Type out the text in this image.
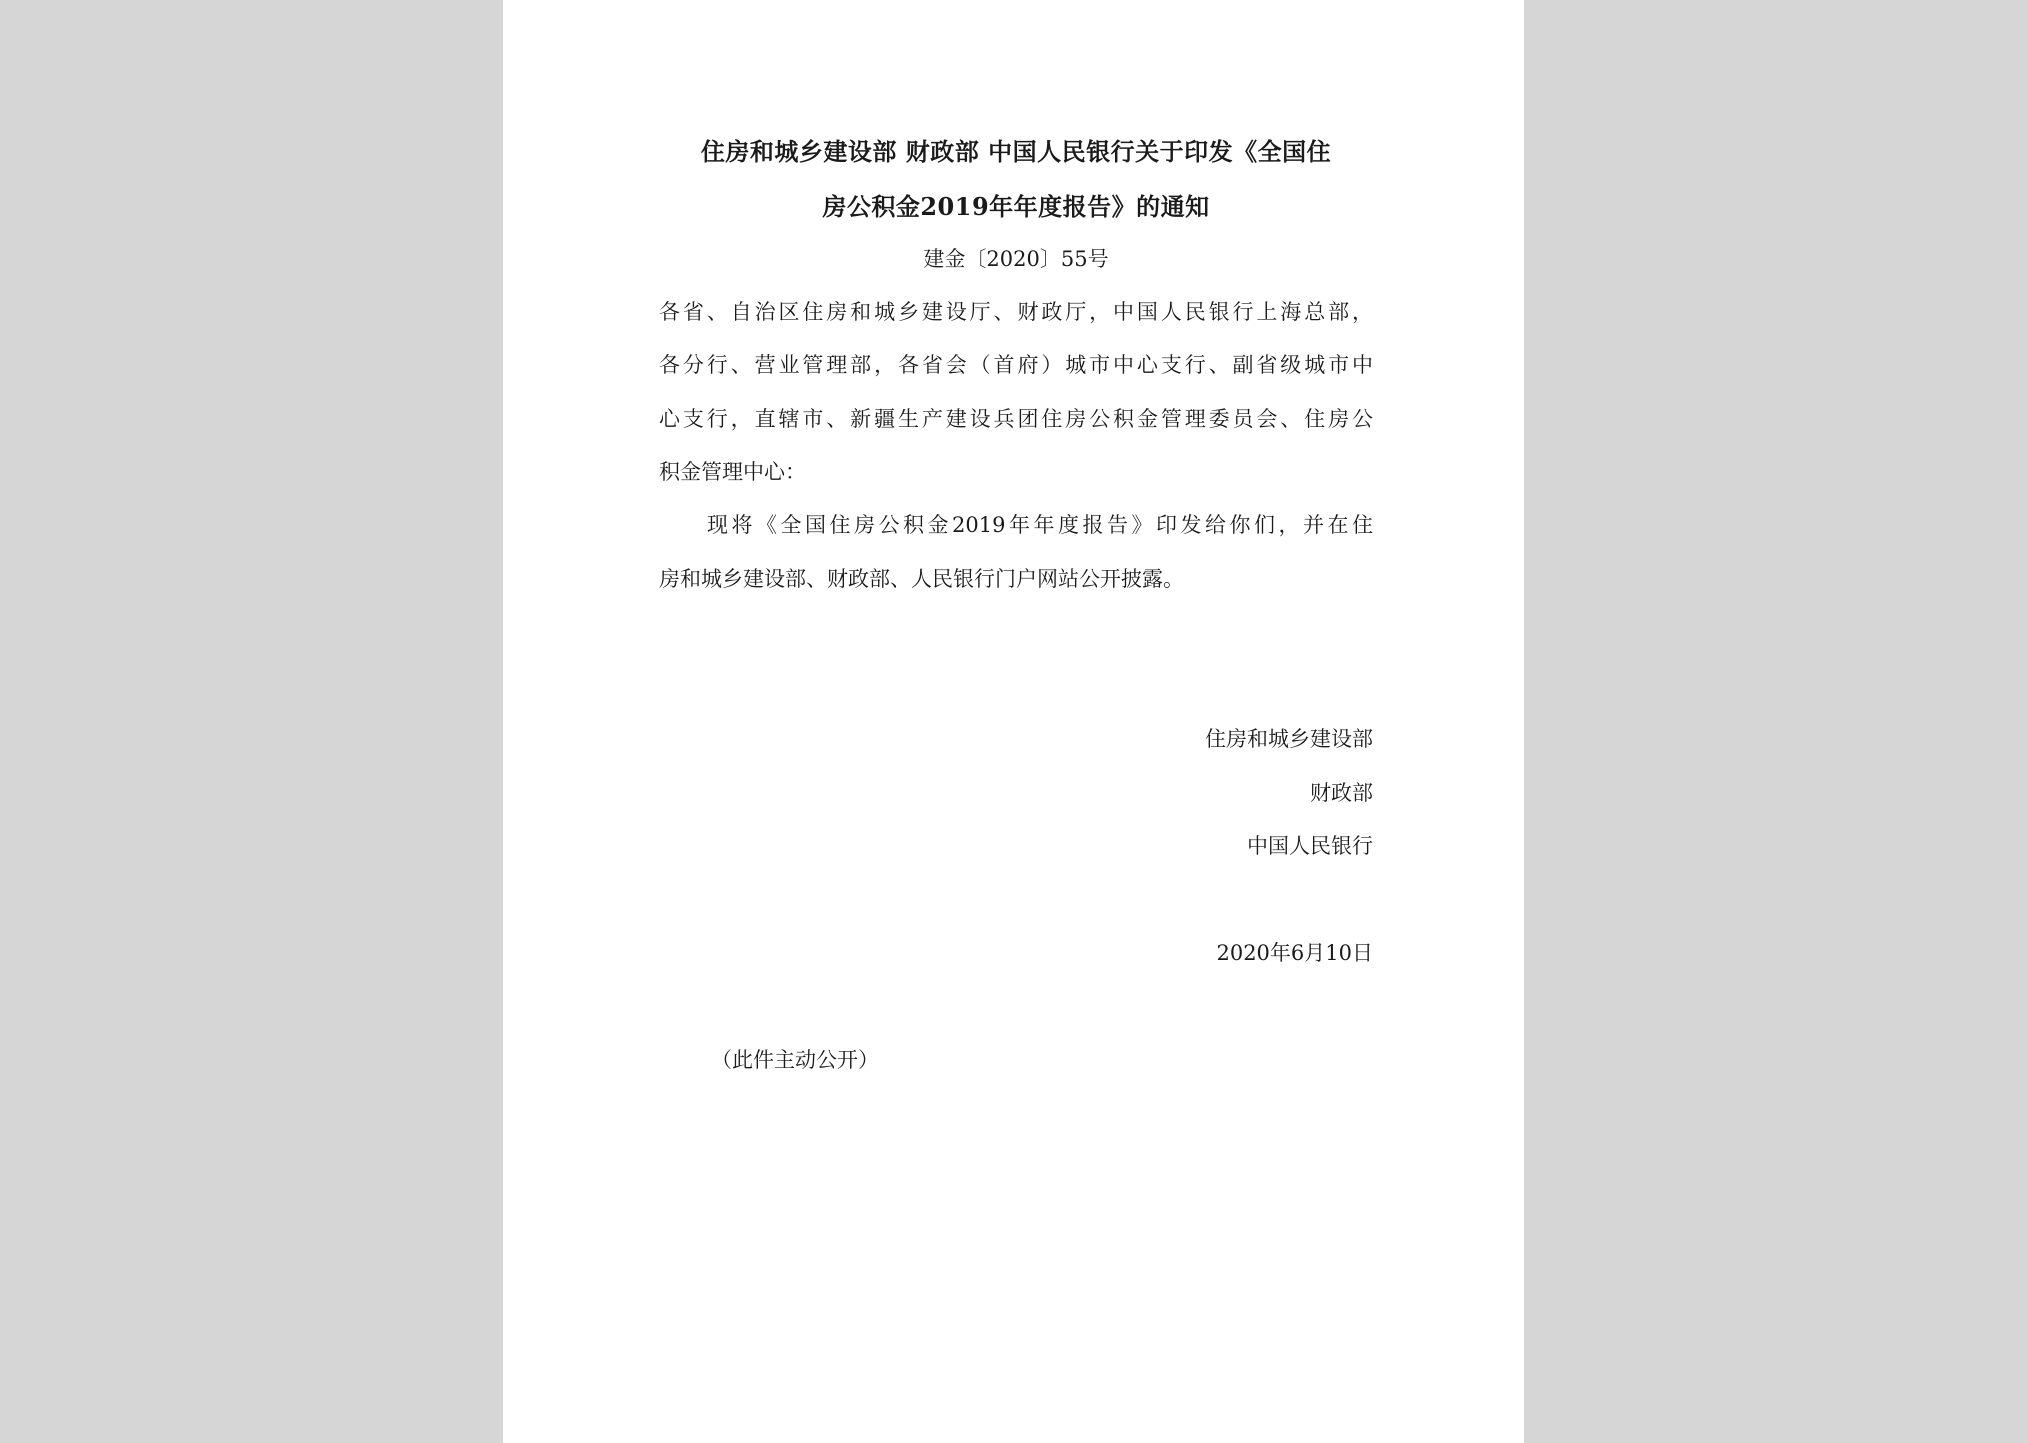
住房和城乡建设部 财政部 中国人民银行关于印发《全国住
房公积金2019年年度报告》的通知
建金〔2020〕55号
各省、自治区住房和城乡建设厅、财政厅，中国人民银行上海总部，
各分行、营业管理部，各省会（首府）城市中心支行、副省级城市中
心支行，直辖市、新疆生产建设兵团住房公积金管理委员会、住房公
积金管理中心：
现将《全国住房公积金2019年年度报告》印发给你们，并在住
房和城乡建设部、财政部、人民银行门户网站公开披露。
住房和城乡建设部
财政部
中国人民银行
2020年6月10日
（此件主动公开）
